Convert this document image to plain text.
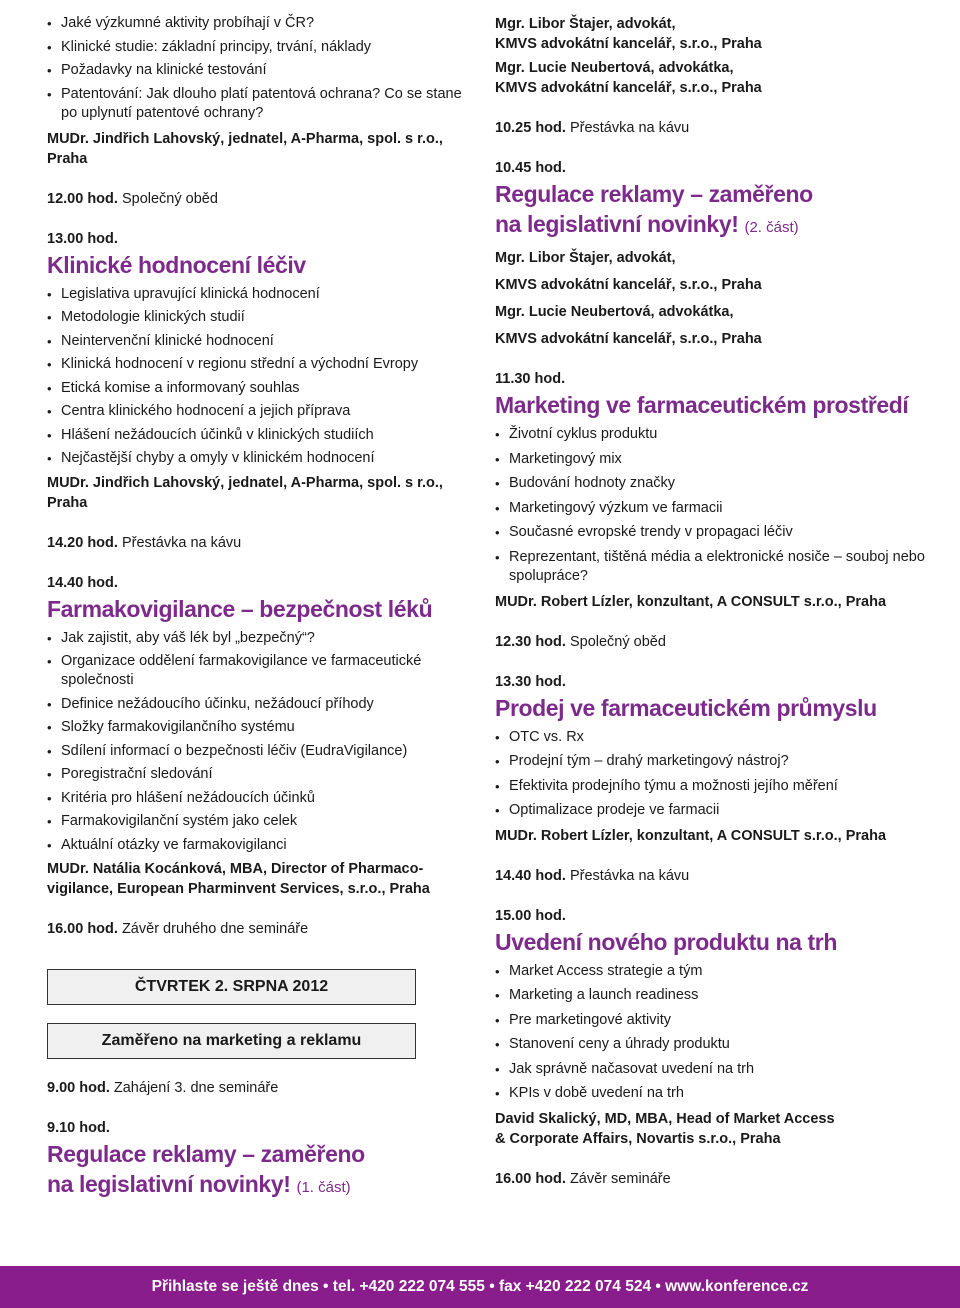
• Jaké výzkumné aktivity probíhají v ČR?
• Klinické studie: základní principy, trvání, náklady
• Požadavky na klinické testování
• Patentování: Jak dlouho platí patentová ochrana? Co se stane po uplynutí patentové ochrany?
MUDr. Jindřich Lahovský, jednatel, A-Pharma, spol. s r.o., Praha
12.00 hod. Společný oběd
13.00 hod.
Klinické hodnocení léčiv
• Legislativa upravující klinická hodnocení
• Metodologie klinických studií
• Neintervenční klinické hodnocení
• Klinická hodnocení v regionu střední a východní Evropy
• Etická komise a informovaný souhlas
• Centra klinického hodnocení a jejich příprava
• Hlášení nežádoucích účinků v klinických studiích
• Nejčastější chyby a omyly v klinickém hodnocení
MUDr. Jindřich Lahovský, jednatel, A-Pharma, spol. s r.o., Praha
14.20 hod. Přestávka na kávu
14.40 hod.
Farmakovigilance – bezpečnost léků
• Jak zajistit, aby váš lék byl „bezpečný“?
• Organizace oddělení farmakovigilance ve farmaceutické společnosti
• Definice nežádoucího účinku, nežádoucí příhody
• Složky farmakovigilančního systému
• Sdílení informací o bezpečnosti léčiv (EudraVigilance)
• Poregistrační sledování
• Kritéria pro hlášení nežádoucích účinků
• Farmakovigilanční systém jako celek
• Aktuální otázky ve farmakovigilanci
MUDr. Natália Kocánková, MBA, Director of Pharmaco-
vigilance, European Pharminvent Services, s.r.o., Praha
16.00 hod. Závěr druhého dne semináře
ČTVRTEK 2. SRPNA 2012
Zaměřeno na marketing a reklamu
9.00 hod. Zahájení 3. dne semináře
9.10 hod.
Regulace reklamy – zaměřeno
na legislativní novinky! (1. část)
Mgr. Libor Štajer, advokát,
KMVS advokátní kancelář, s.r.o., Praha
Mgr. Lucie Neubertová, advokátka,
KMVS advokátní kancelář, s.r.o., Praha
10.25 hod. Přestávka na kávu
10.45 hod.
Regulace reklamy – zaměřeno
na legislativní novinky! (2. část)
Mgr. Libor Štajer, advokát,
KMVS advokátní kancelář, s.r.o., Praha
Mgr. Lucie Neubertová, advokátka,
KMVS advokátní kancelář, s.r.o., Praha
11.30 hod.
Marketing ve farmaceutickém prostředí
• Životní cyklus produktu
• Marketingový mix
• Budování hodnoty značky
• Marketingový výzkum ve farmacii
• Současné evropské trendy v propagaci léčiv
• Reprezentant, tištěná média a elektronické nosiče – souboj nebo spolupráce?
MUDr. Robert Lízler, konzultant, A CONSULT s.r.o., Praha
12.30 hod. Společný oběd
13.30 hod.
Prodej ve farmaceutickém průmyslu
• OTC vs. Rx
• Prodejní tým – drahý marketingový nástroj?
• Efektivita prodejního týmu a možnosti jejího měření
• Optimalizace prodeje ve farmacii
MUDr. Robert Lízler, konzultant, A CONSULT s.r.o., Praha
14.40 hod. Přestávka na kávu
15.00 hod.
Uvedení nového produktu na trh
• Market Access strategie a tým
• Marketing a launch readiness
• Pre marketingové aktivity
• Stanovení ceny a úhrady produktu
• Jak správně načasovat uvedení na trh
• KPIs v době uvedení na trh
David Skalický, MD, MBA, Head of Market Access
& Corporate Affairs, Novartis s.r.o., Praha
16.00 hod. Závěr semináře
Přihlaste se ještě dnes • tel. +420 222 074 555 • fax +420 222 074 524 • www.konference.cz
